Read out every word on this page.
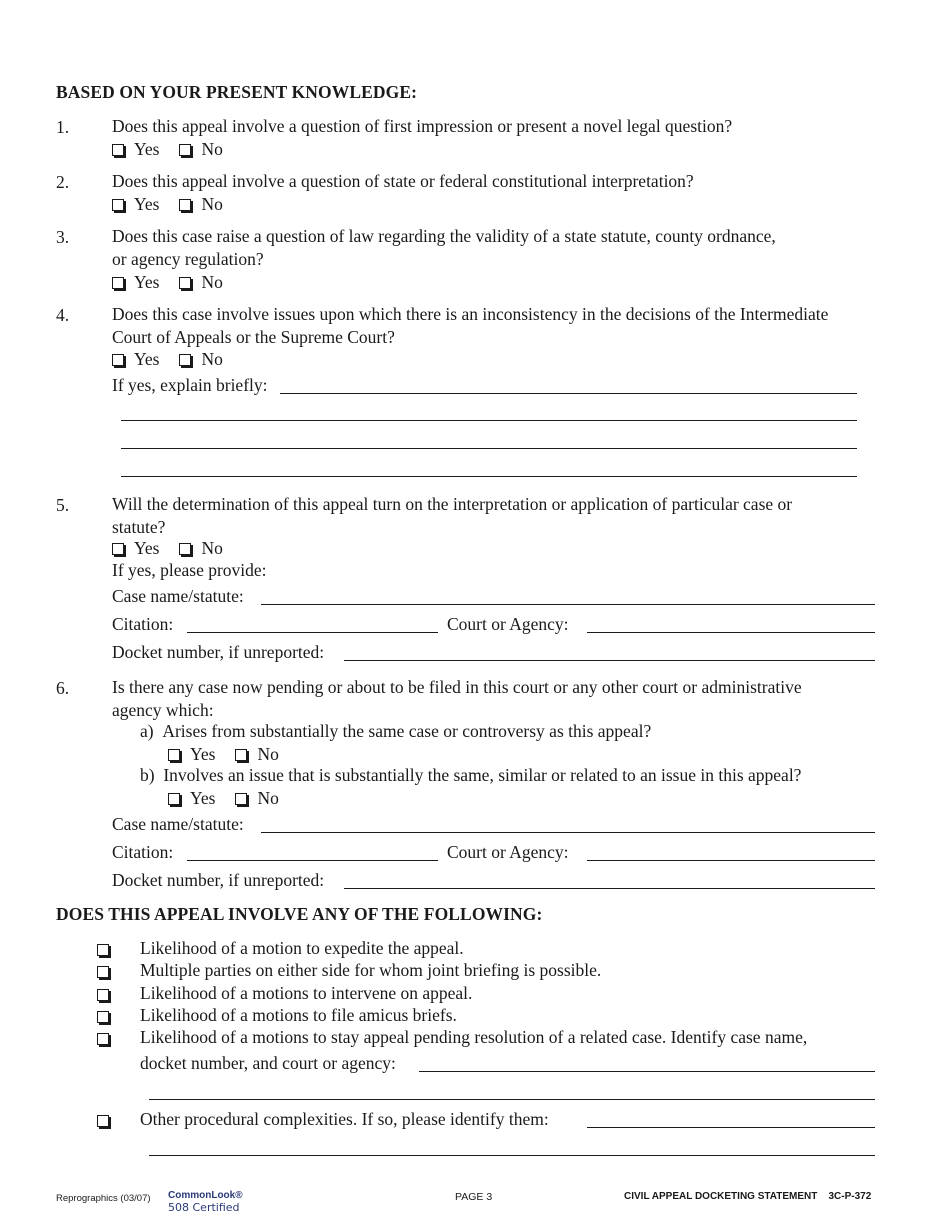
BASED ON YOUR PRESENT KNOWLEDGE:
1. Does this appeal involve a question of first impression or present a novel legal question?
Yes No
2. Does this appeal involve a question of state or federal constitutional interpretation?
Yes No
3. Does this case raise a question of law regarding the validity of a state statute, county ordnance,
or agency regulation?
Yes No
4. Does this case involve issues upon which there is an inconsistency in the decisions of the Intermediate
Court of Appeals or the Supreme Court?
Yes No
If yes, explain briefly:
5. Will the determination of this appeal turn on the interpretation or application of particular case or
statute?
Yes No
If yes, please provide:
Case name/statute:
Citation:	Court or Agency:
Docket number, if unreported:
6. Is there any case now pending or about to be filed in this court or any other court or administrative
agency which:
a)  Arises from substantially the same case or controversy as this appeal?
Yes No
b)  Involves an issue that is substantially the same, similar or related to an issue in this appeal?
Yes No
Case name/statute:
Citation:	Court or Agency:
Docket number, if unreported:
DOES THIS APPEAL INVOLVE ANY OF THE FOLLOWING:
Likelihood of a motion to expedite the appeal.
Multiple parties on either side for whom joint briefing is possible.
Likelihood of a motions to intervene on appeal.
Likelihood of a motions to file amicus briefs.
Likelihood of a motions to stay appeal pending resolution of a related case. Identify case name,
docket number, and court or agency:
Other procedural complexities. If so, please identify them:
Reprographics (03/07) CommonLook®
508 Certified
PAGE 3	CIVIL APPEAL DOCKETING STATEMENT    3C-P-372
